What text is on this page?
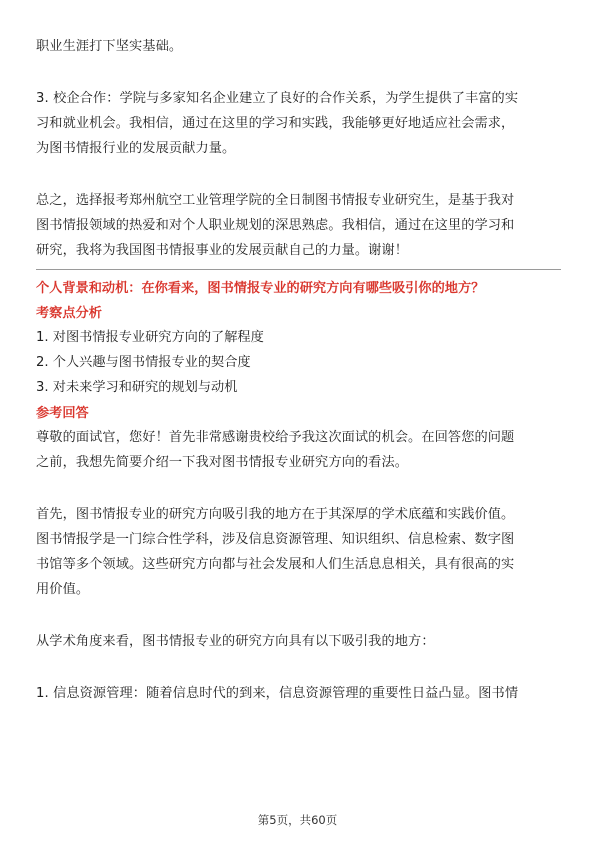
职业生涯打下坚实基础。

3. 校企合作：学院与多家知名企业建立了良好的合作关系，为学生提供了丰富的实

习和就业机会。我相信，通过在这里的学习和实践，我能够更好地适应社会需求，

为图书情报行业的发展贡献力量。

总之，选择报考郑州航空工业管理学院的全日制图书情报专业研究生，是基于我对

图书情报领域的热爱和对个人职业规划的深思熟虑。我相信，通过在这里的学习和

研究，我将为我国图书情报事业的发展贡献自己的力量。谢谢！

个人背景和动机：在你看来，图书情报专业的研究方向有哪些吸引你的地方？

考察点分析

1. 对图书情报专业研究方向的了解程度
2. 个人兴趣与图书情报专业的契合度
3. 对未来学习和研究的规划与动机

参考回答

尊敬的面试官，您好！首先非常感谢贵校给予我这次面试的机会。在回答您的问题

之前，我想先简要介绍一下我对图书情报专业研究方向的看法。

首先，图书情报专业的研究方向吸引我的地方在于其深厚的学术底蕴和实践价值。

图书情报学是一门综合性学科，涉及信息资源管理、知识组织、信息检索、数字图

书馆等多个领域。这些研究方向都与社会发展和人们生活息息相关，具有很高的实

用价值。

从学术角度来看，图书情报专业的研究方向具有以下吸引我的地方：

1. 信息资源管理：随着信息时代的到来，信息资源管理的重要性日益凸显。图书情

第5页，共60页
